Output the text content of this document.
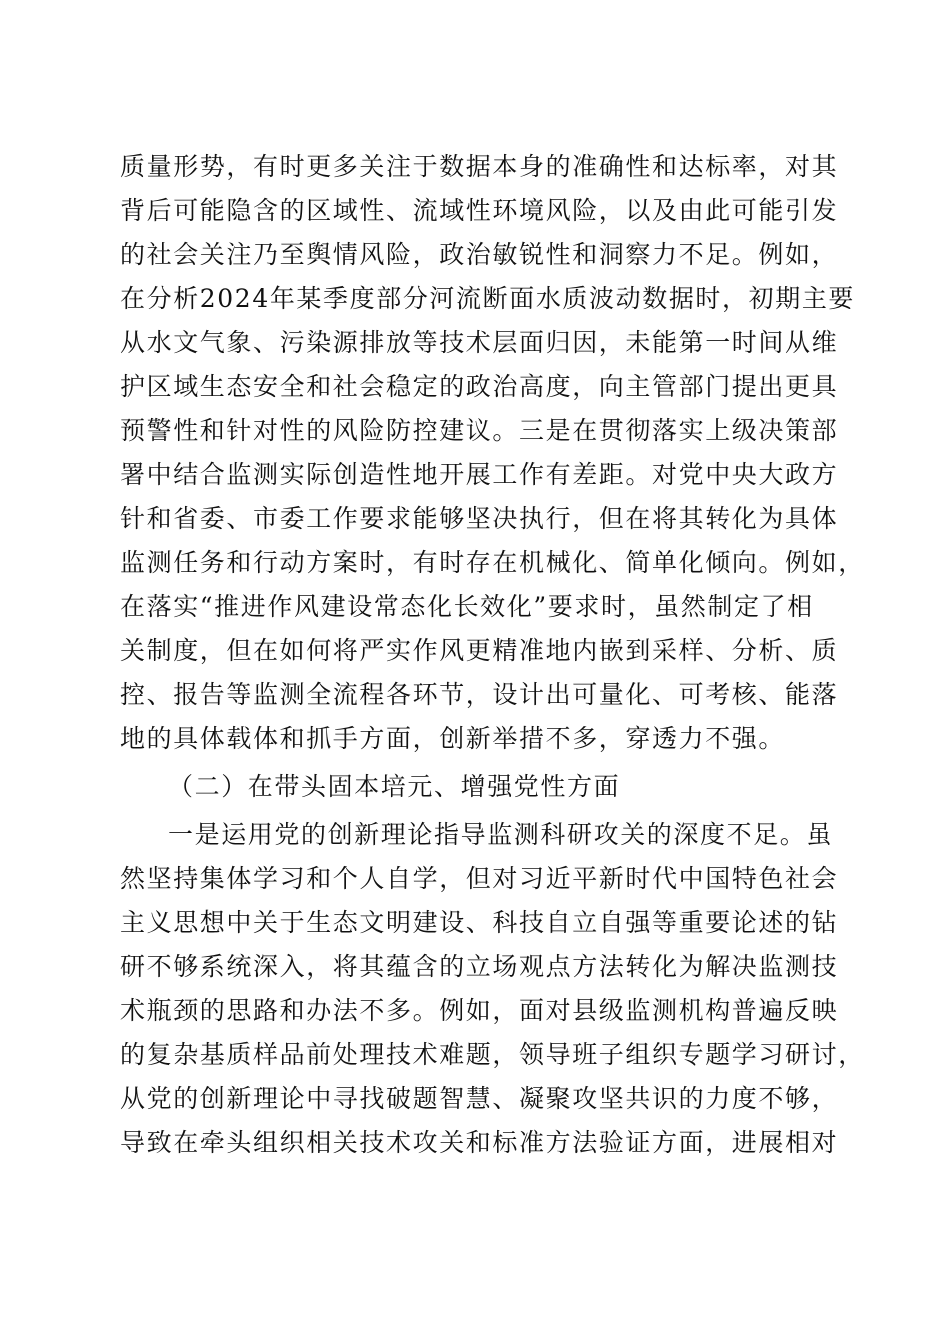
质量形势，有时更多关注于数据本身的准确性和达标率，对其
背后可能隐含的区域性、流域性环境风险，以及由此可能引发
的社会关注乃至舆情风险，政治敏锐性和洞察力不足。例如，
在分析2024年某季度部分河流断面水质波动数据时，初期主要
从水文气象、污染源排放等技术层面归因，未能第一时间从维
护区域生态安全和社会稳定的政治高度，向主管部门提出更具
预警性和针对性的风险防控建议。三是在贯彻落实上级决策部
署中结合监测实际创造性地开展工作有差距。对党中央大政方
针和省委、市委工作要求能够坚决执行，但在将其转化为具体
监测任务和行动方案时，有时存在机械化、简单化倾向。例如，
在落实“推进作风建设常态化长效化”要求时，虽然制定了相
关制度，但在如何将严实作风更精准地内嵌到采样、分析、质
控、报告等监测全流程各环节，设计出可量化、可考核、能落
地的具体载体和抓手方面，创新举措不多，穿透力不强。
（二）在带头固本培元、增强党性方面
一是运用党的创新理论指导监测科研攻关的深度不足。虽
然坚持集体学习和个人自学，但对习近平新时代中国特色社会
主义思想中关于生态文明建设、科技自立自强等重要论述的钻
研不够系统深入，将其蕴含的立场观点方法转化为解决监测技
术瓶颈的思路和办法不多。例如，面对县级监测机构普遍反映
的复杂基质样品前处理技术难题，领导班子组织专题学习研讨，
从党的创新理论中寻找破题智慧、凝聚攻坚共识的力度不够，
导致在牵头组织相关技术攻关和标准方法验证方面，进展相对
